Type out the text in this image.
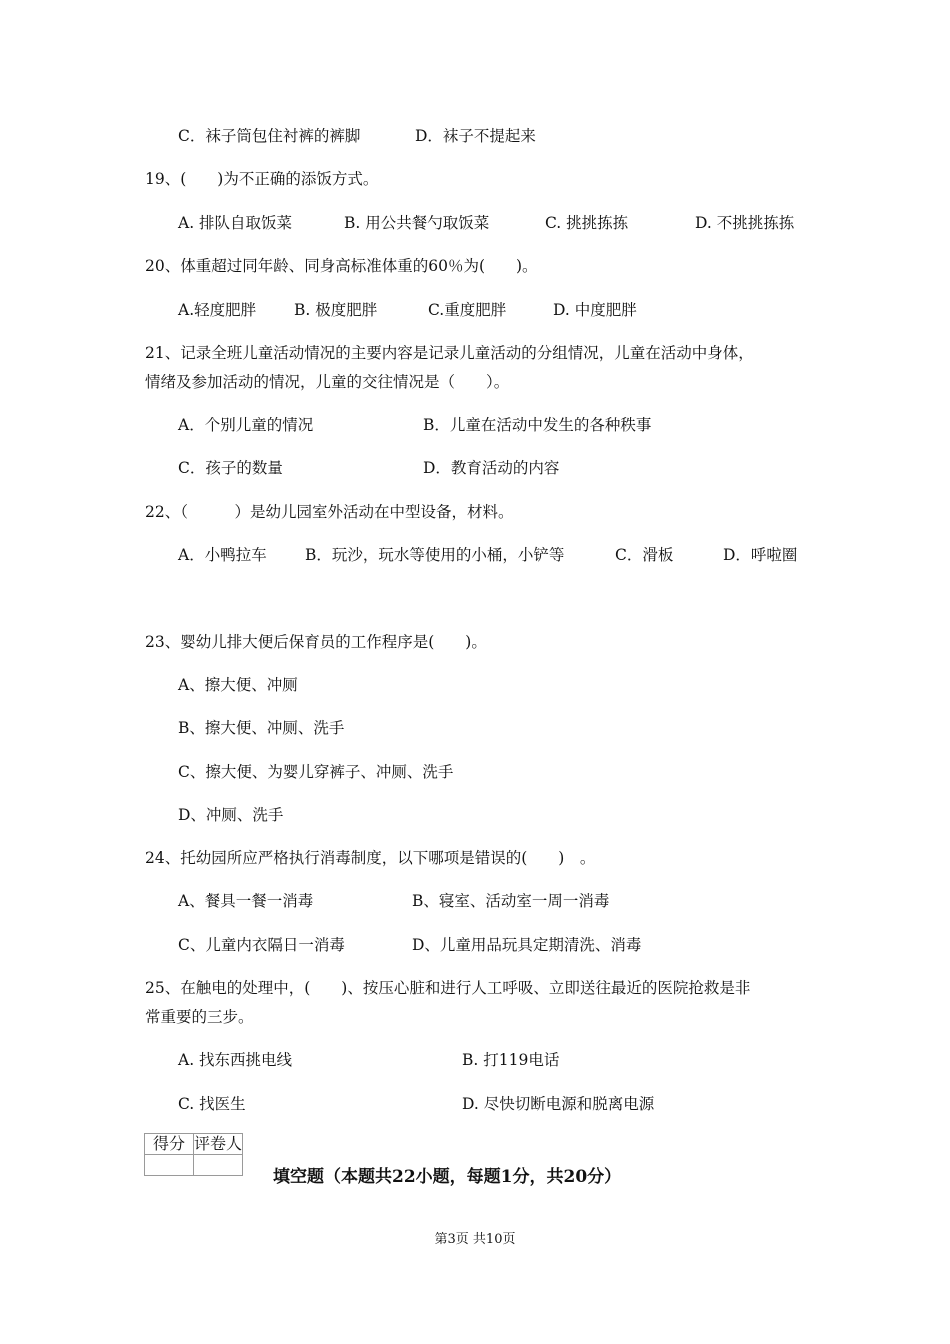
C．袜子筒包住衬裤的裤脚	D．袜子不提起来
19、(　　)为不正确的添饭方式。
A. 排队自取饭菜	B. 用公共餐勺取饭菜	C. 挑挑拣拣	D. 不挑挑拣拣
20、体重超过同年龄、同身高标准体重的60％为(　　)。
A.轻度肥胖 B. 极度肥胖	C.重度肥胖	D. 中度肥胖
21、记录全班儿童活动情况的主要内容是记录儿童活动的分组情况，儿童在活动中身体，
情绪及参加活动的情况，儿童的交往情况是（　　）。
A．个别儿童的情况	B．儿童在活动中发生的各种秩事
C．孩子的数量	D．教育活动的内容
22、（　　　）是幼儿园室外活动在中型设备，材料。
A．小鸭拉车 B．玩沙，玩水等使用的小桶，小铲等	C．滑板	D．呼啦圈
23、婴幼儿排大便后保育员的工作程序是(　　)。
A、擦大便、冲厕
B、擦大便、冲厕、洗手
C、擦大便、为婴儿穿裤子、冲厕、洗手
D、冲厕、洗手
24、托幼园所应严格执行消毒制度，以下哪项是错误的(　　)　。
A、餐具一餐一消毒	B、寝室、活动室一周一消毒
C、儿童内衣隔日一消毒	D、儿童用品玩具定期清洗、消毒
25、在触电的处理中，(　　)、按压心脏和进行人工呼吸、立即送往最近的医院抢救是非
常重要的三步。
A. 找东西挑电线	B. 打119电话
C. 找医生	D. 尽快切断电源和脱离电源
得分	评卷人

填空题（本题共22小题，每题1分，共20分）
第3页 共10页
